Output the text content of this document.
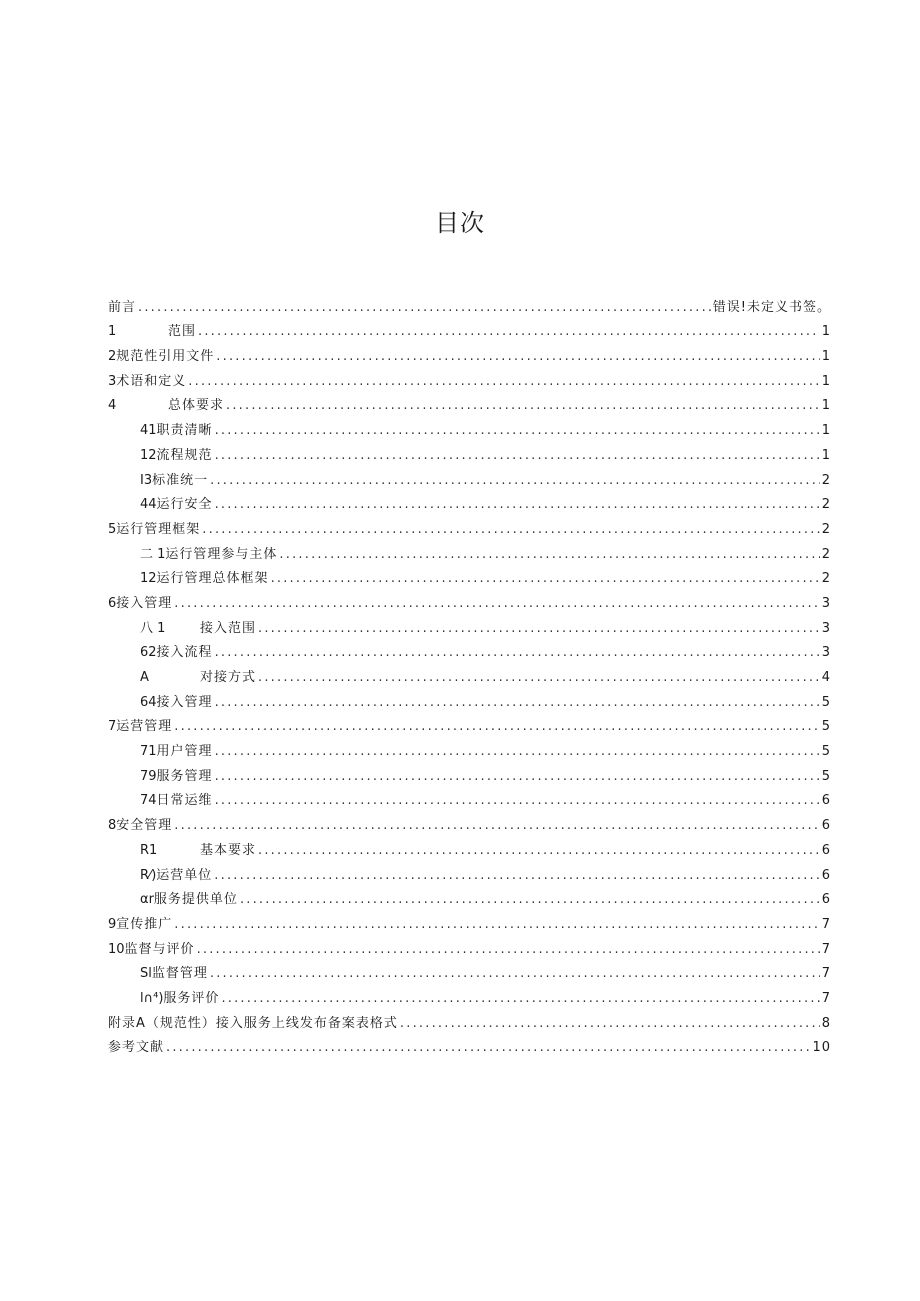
目次
前言 .....	错误!未定义书签。
1	范围 .....	1
2 规范性引用文件 .....	1
3 术语和定义 .....	1
4	总体要求 .....	1
41 职责清晰 .....	1
12 流程规范 .....	1
I3 标准统一 .....	2
44 运行安全 .....	2
5 运行管理框架 .....	2
二 1 运行管理参与主体 .....	2
12 运行管理总体框架 .....	2
6 接入管理 .....	3
八 1	接入范围 .....	3
62 接入流程 .....	3
A	对接方式 .....	4
64 接入管理 .....	5
7 运营管理 .....	5
71 用户管理 .....	5
79 服务管理 .....	5
74 日常运维 .....	6
8 安全管理 .....	6
R1	基本要求 .....	6
R⁄) 运营单位 .....	6
αr 服务提供单位 .....	6
9 宣传推广 .....	7
10 监督与评价 .....	7
Sl 监督管理 .....	7
l∩⁴) 服务评价 .....	7
附录A（规范性）接入服务上线发布备案表格式 .....	8
参考文献 .....	10
